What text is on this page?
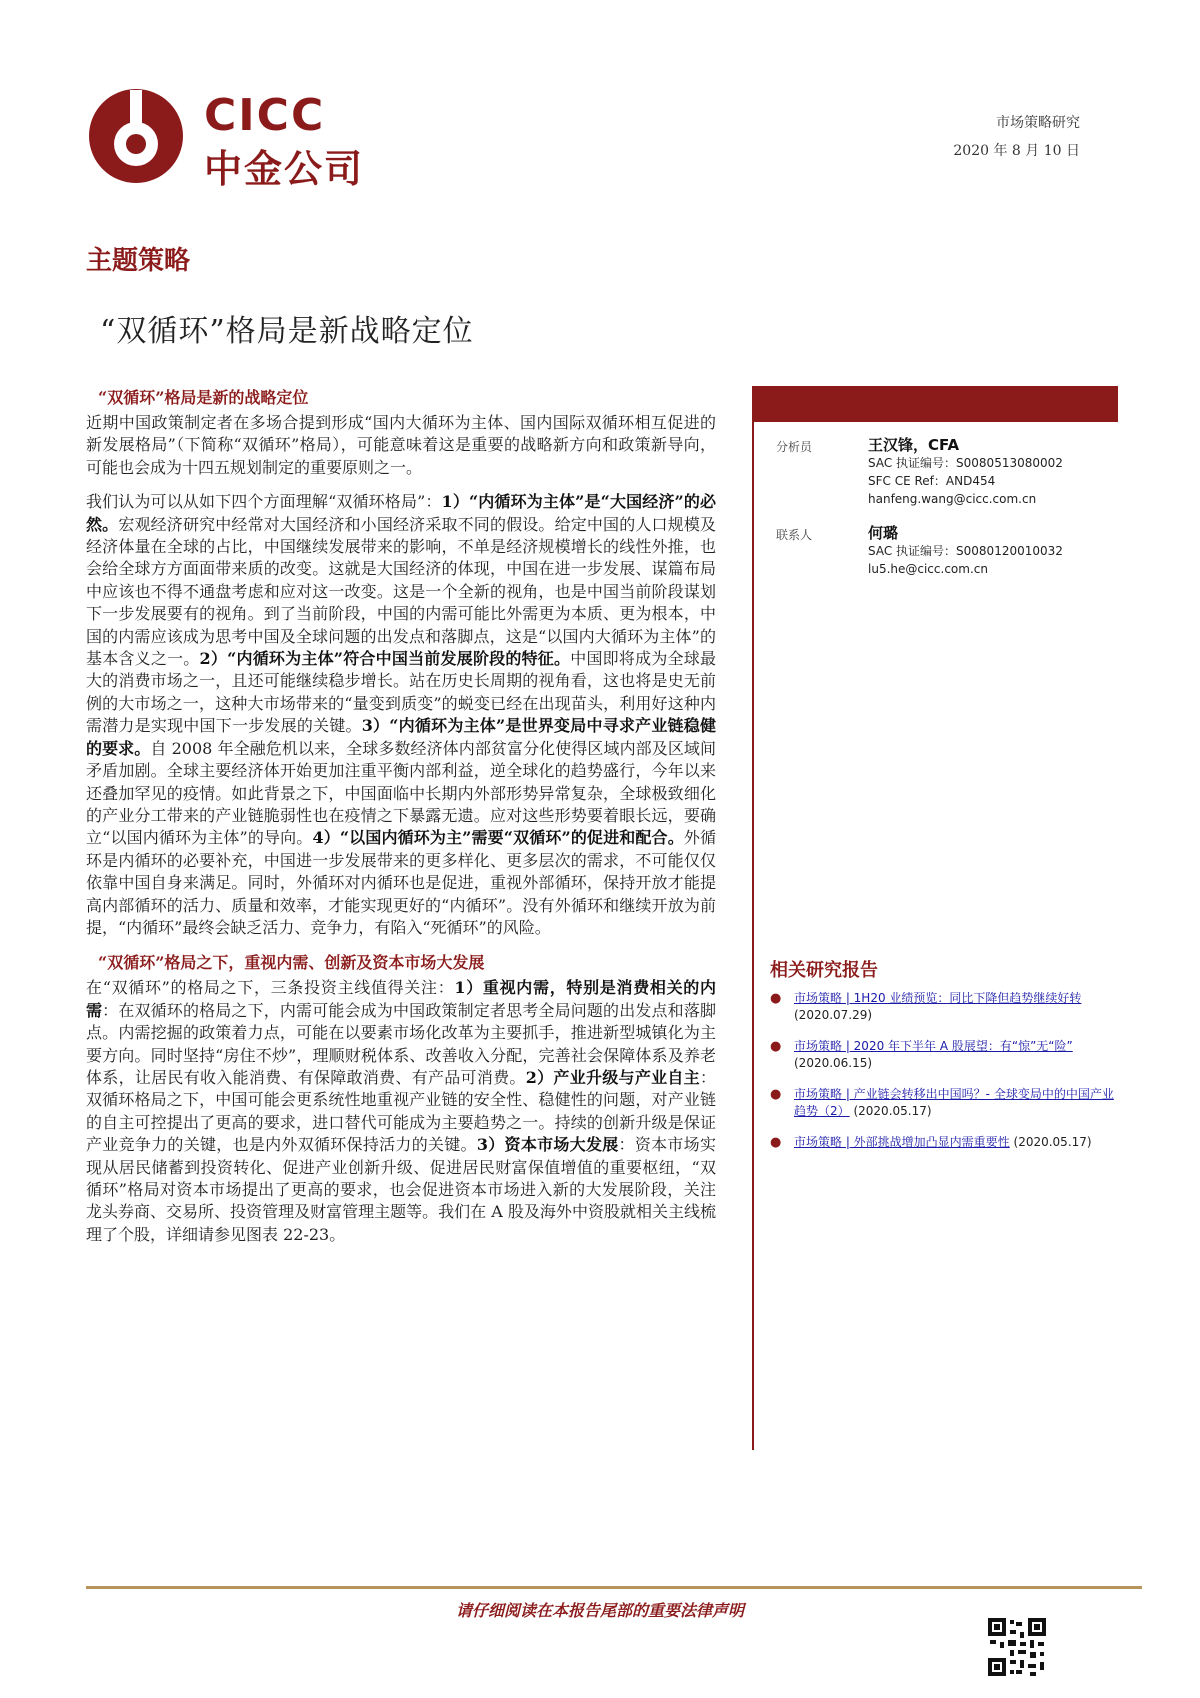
CICC
中金公司
市场策略研究
2020 年 8 月 10 日
主题策略
“双循环”格局是新战略定位
“双循环”格局是新的战略定位
近期中国政策制定者在多场合提到形成“国内大循环为主体、国内国际双循环相互促进的新发展格局”（下简称“双循环”格局），可能意味着这是重要的战略新方向和政策新导向，可能也会成为十四五规划制定的重要原则之一。
我们认为可以从如下四个方面理解“双循环格局”：1）“内循环为主体”是“大国经济”的必然。宏观经济研究中经常对大国经济和小国经济采取不同的假设。给定中国的人口规模及经济体量在全球的占比，中国继续发展带来的影响，不单是经济规模增长的线性外推，也会给全球方方面面带来质的改变。这就是大国经济的体现，中国在进一步发展、谋篇布局中应该也不得不通盘考虑和应对这一改变。这是一个全新的视角，也是中国当前阶段谋划下一步发展要有的视角。到了当前阶段，中国的内需可能比外需更为本质、更为根本，中国的内需应该成为思考中国及全球问题的出发点和落脚点，这是“以国内大循环为主体”的基本含义之一。2）“内循环为主体”符合中国当前发展阶段的特征。中国即将成为全球最大的消费市场之一，且还可能继续稳步增长。站在历史长周期的视角看，这也将是史无前例的大市场之一，这种大市场带来的“量变到质变”的蜕变已经在出现苗头，利用好这种内需潜力是实现中国下一步发展的关键。3）“内循环为主体”是世界变局中寻求产业链稳健的要求。自 2008 年全融危机以来，全球多数经济体内部贫富分化使得区域内部及区域间矛盾加剧。全球主要经济体开始更加注重平衡内部利益，逆全球化的趋势盛行，今年以来还叠加罕见的疫情。如此背景之下，中国面临中长期内外部形势异常复杂，全球极致细化的产业分工带来的产业链脆弱性也在疫情之下暴露无遗。应对这些形势要着眼长远，要确立“以国内循环为主体”的导向。4）“以国内循环为主”需要“双循环”的促进和配合。外循环是内循环的必要补充，中国进一步发展带来的更多样化、更多层次的需求，不可能仅仅依靠中国自身来满足。同时，外循环对内循环也是促进，重视外部循环，保持开放才能提高内部循环的活力、质量和效率，才能实现更好的“内循环”。没有外循环和继续开放为前提，“内循环”最终会缺乏活力、竞争力，有陷入“死循环”的风险。
“双循环”格局之下，重视内需、创新及资本市场大发展
在“双循环”的格局之下，三条投资主线值得关注：1）重视内需，特别是消费相关的内需：在双循环的格局之下，内需可能会成为中国政策制定者思考全局问题的出发点和落脚点。内需挖掘的政策着力点，可能在以要素市场化改革为主要抓手，推进新型城镇化为主要方向。同时坚持“房住不炒”，理顺财税体系、改善收入分配，完善社会保障体系及养老体系，让居民有收入能消费、有保障敢消费、有产品可消费。2）产业升级与产业自主：双循环格局之下，中国可能会更系统性地重视产业链的安全性、稳健性的问题，对产业链的自主可控提出了更高的要求，进口替代可能成为主要趋势之一。持续的创新升级是保证产业竞争力的关键，也是内外双循环保持活力的关键。3）资本市场大发展：资本市场实现从居民储蓄到投资转化、促进产业创新升级、促进居民财富保值增值的重要枢纽，“双循环”格局对资本市场提出了更高的要求，也会促进资本市场进入新的大发展阶段，关注龙头券商、交易所、投资管理及财富管理主题等。我们在 A 股及海外中资股就相关主线梳理了个股，详细请参见图表 22-23。
分析员	王汉锋，CFA
SAC 执证编号：S0080513080002
SFC CE Ref：AND454
hanfeng.wang@cicc.com.cn
联系人	何璐
SAC 执证编号：S0080120010032
lu5.he@cicc.com.cn
相关研究报告
● 市场策略 | 1H20 业绩预览：同比下降但趋势继续好转 (2020.07.29)
● 市场策略 | 2020 年下半年 A 股展望：有“惊”无“险” (2020.06.15)
● 市场策略 | 产业链会转移出中国吗？- 全球变局中的中国产业趋势（2） (2020.05.17)
● 市场策略 | 外部挑战增加凸显内需重要性 (2020.05.17)
请仔细阅读在本报告尾部的重要法律声明
